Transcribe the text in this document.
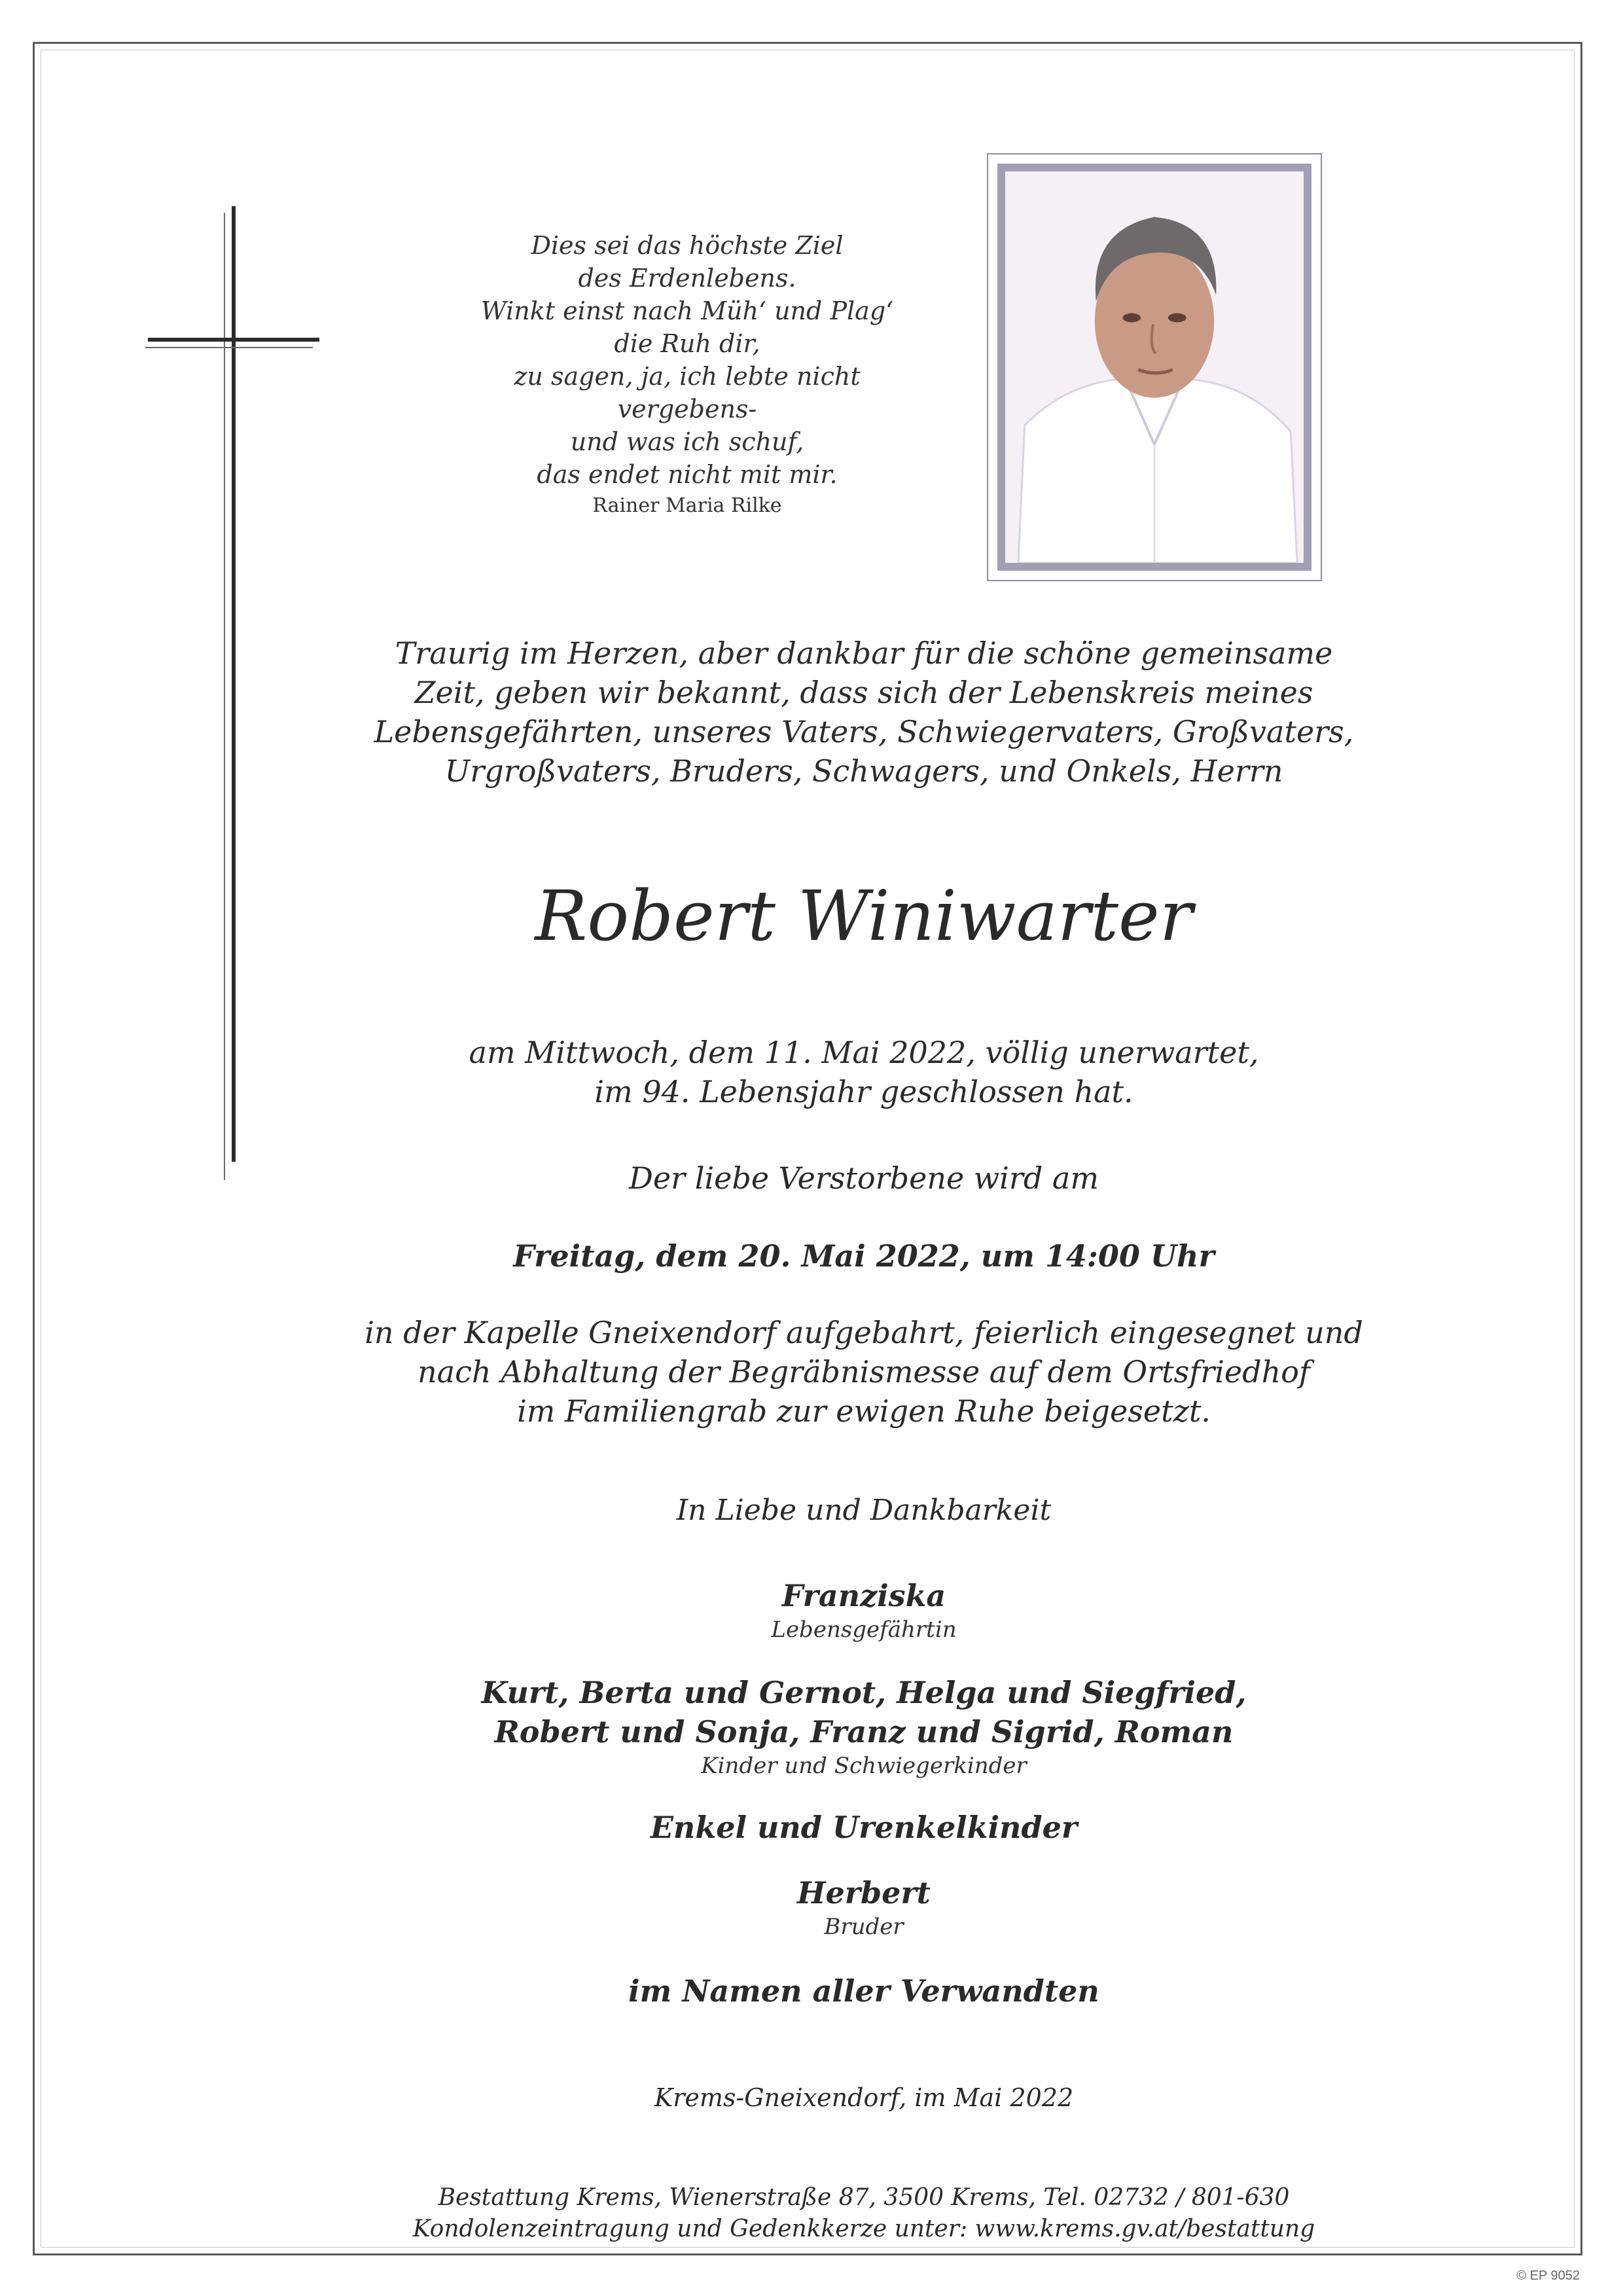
Dies sei das höchste Ziel
des Erdenlebens.
Winkt einst nach Müh‘ und Plag‘
die Ruh dir,
zu sagen, ja, ich lebte nicht
vergebens-
und was ich schuf,
das endet nicht mit mir.
Rainer Maria Rilke
Traurig im Herzen, aber dankbar für die schöne gemeinsame
Zeit, geben wir bekannt, dass sich der Lebenskreis meines
Lebensgefährten, unseres Vaters, Schwiegervaters, Großvaters,
Urgroßvaters, Bruders, Schwagers, und Onkels, Herrn
Robert Winiwarter
am Mittwoch, dem 11. Mai 2022, völlig unerwartet,
im 94. Lebensjahr geschlossen hat.
Der liebe Verstorbene wird am
Freitag, dem 20. Mai 2022, um 14:00 Uhr
in der Kapelle Gneixendorf aufgebahrt, feierlich eingesegnet und
nach Abhaltung der Begräbnismesse auf dem Ortsfriedhof
im Familiengrab zur ewigen Ruhe beigesetzt.
In Liebe und Dankbarkeit
Franziska
Lebensgefährtin
Kurt, Berta und Gernot, Helga und Siegfried,
Robert und Sonja, Franz und Sigrid, Roman
Kinder und Schwiegerkinder
Enkel und Urenkelkinder
Herbert
Bruder
im Namen aller Verwandten
Krems-Gneixendorf, im Mai 2022
Bestattung Krems, Wienerstraße 87, 3500 Krems, Tel. 02732 / 801-630
Kondolenzeintragung und Gedenkkerze unter: www.krems.gv.at/bestattung
© EP 9052
